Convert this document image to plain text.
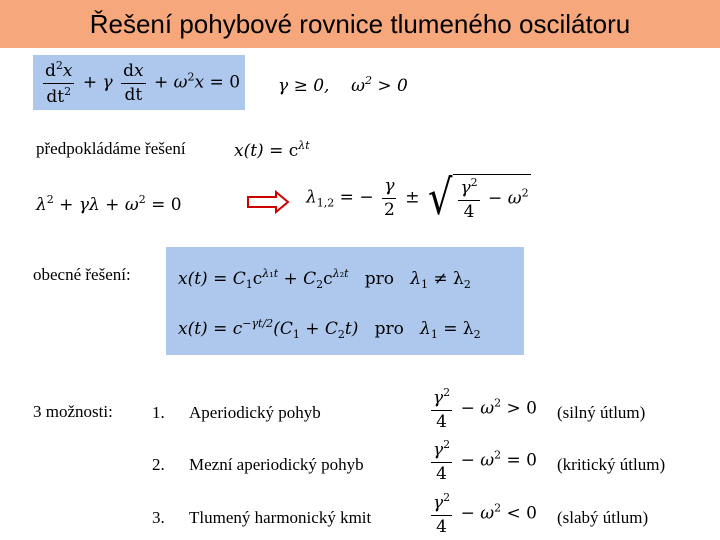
Řešení pohybové rovnice tlumeného oscilátoru
$\frac{d^2x}{dt^2} + \gamma \frac{dx}{dt} + \omega^2x = 0$ γ ≥ 0, $\omega^2 > 0$
předpokládáme řešení	$x(t) = c^{\lambda t}$
$\lambda^2 + \gamma\lambda + \omega^2 = 0$	$\lambda_{1,2}$ = − $\frac{\gamma}{2}$ ± √ $\frac{\gamma^2}{4} - \omega^2$
obecné řešení:	$x(t) = C_1c^{\lambda_1t} + C_2c^{\lambda_2t}$ pro $\lambda_1 \ne \lambda_2$
$x(t) = c^{-\gamma t/2}(C_1 + C_2t)$ pro $\lambda_1 = \lambda_2$
3 možnosti: 1. Aperiodický pohyb	$\frac{\gamma^2}{4} - \omega^2 > 0$ (silný útlum)
2. Mezní aperiodický pohyb	$\frac{\gamma^2}{4} - \omega^2 = 0$ (kritický útlum)
3. Tlumený harmonický kmit	$\frac{\gamma^2}{4} - \omega^2 < 0$ (slabý útlum)
